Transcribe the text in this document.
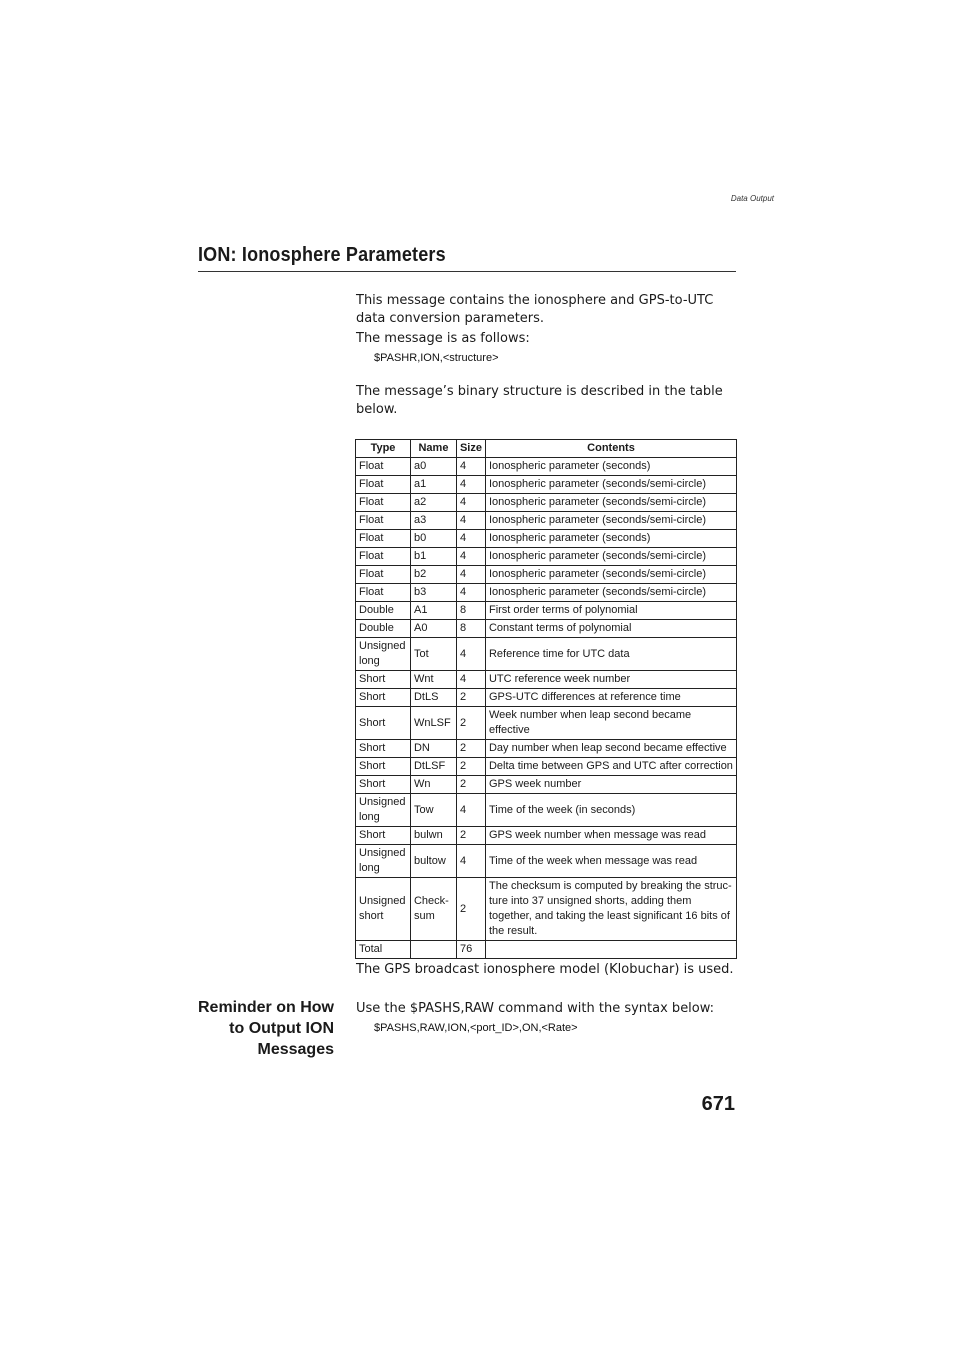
Data Output
ION: Ionosphere Parameters
This message contains the ionosphere and GPS-to-UTC data conversion parameters.
The message is as follows:
$PASHR,ION,<structure>
The message’s binary structure is described in the table below.
Type	Name	Size	Contents
Float	a0	4	Ionospheric parameter (seconds)
Float	a1	4	Ionospheric parameter (seconds/semi-circle)
Float	a2	4	Ionospheric parameter (seconds/semi-circle)
Float	a3	4	Ionospheric parameter (seconds/semi-circle)
Float	b0	4	Ionospheric parameter (seconds)
Float	b1	4	Ionospheric parameter (seconds/semi-circle)
Float	b2	4	Ionospheric parameter (seconds/semi-circle)
Float	b3	4	Ionospheric parameter (seconds/semi-circle)
Double	A1	8	First order terms of polynomial
Double	A0	8	Constant terms of polynomial
Unsigned long	Tot	4	Reference time for UTC data
Short	Wnt	4	UTC reference week number
Short	DtLS	2	GPS-UTC differences at reference time
Short	WnLSF	2	Week number when leap second became effective
Short	DN	2	Day number when leap second became effective
Short	DtLSF	2	Delta time between GPS and UTC after correction
Short	Wn	2	GPS week number
Unsigned long	Tow	4	Time of the week (in seconds)
Short	bulwn	2	GPS week number when message was read
Unsigned long	bultow	4	Time of the week when message was read
Unsigned short	Check-sum	2	The checksum is computed by breaking the struc-ture into 37 unsigned shorts, adding them together, and taking the least significant 16 bits of the result.
Total		76	
The GPS broadcast ionosphere model (Klobuchar) is used.
Reminder on How to Output ION Messages
Use the $PASHS,RAW command with the syntax below:
$PASHS,RAW,ION,<port_ID>,ON,<Rate>
671
